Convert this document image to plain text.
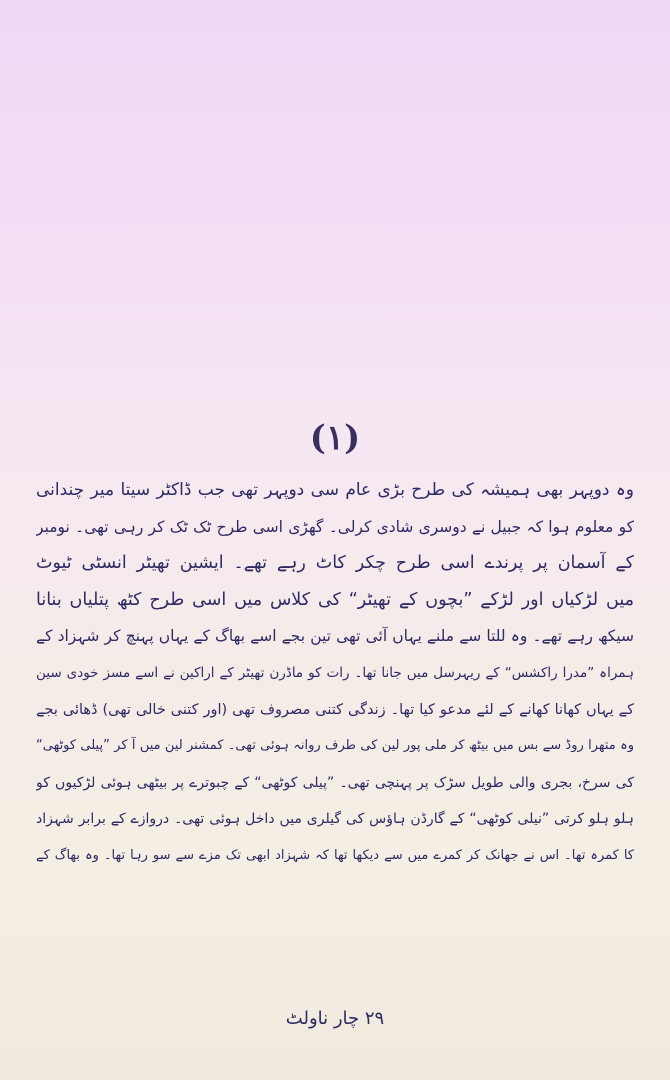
(۱)
وہ دوپہر بھی ہمیشہ کی طرح بڑی عام سی دوپہر تھی جب ڈاکٹر سیتا میر چندانی
کو معلوم ہوا کہ جبیل نے دوسری شادی کرلی۔ گھڑی اسی طرح ٹک ٹک کر رہی تھی۔ نومبر
کے آسمان پر پرندے اسی طرح چکر کاٹ رہے تھے۔ ایشین تھیٹر انسٹی ٹیوٹ
میں لڑکیاں اور لڑکے ”بچوں کے تھیٹر“ کی کلاس میں اسی طرح کٹھ پتلیاں بنانا
سیکھ رہے تھے۔ وہ للتا سے ملنے یہاں آئی تھی تین بجے اسے بھاگ کے یہاں پہنچ کر شہزاد کے
ہمراہ ”مدرا راکشس“ کے ریہرسل میں جانا تھا۔ رات کو ماڈرن تھیٹر کے اراکین نے اسے مسز خودی سین
کے یہاں کھانا کھانے کے لئے مدعو کیا تھا۔ زندگی کتنی مصروف تھی (اور کتنی خالی تھی) ڈھائی بجے
وہ متھرا روڈ سے بس میں بیٹھ کر ملی پور لین کی طرف روانہ ہوئی تھی۔ کمشنر لین میں آ کر ”پیلی کوٹھی“
کی سرخ، بجری والی طویل سڑک پر پہنچی تھی۔ ”پیلی کوٹھی“ کے چبوترے پر بیٹھی ہوئی لڑکیوں کو
ہلو ہلو کرتی ”نیلی کوٹھی“ کے گارڈن ہاؤس کی گیلری میں داخل ہوئی تھی۔ دروازے کے برابر شہزاد
کا کمرہ تھا۔ اس نے جھانک کر کمرے میں سے دیکھا تھا کہ شہزاد ابھی تک مزے سے سو رہا تھا۔ وہ بھاگ کے
۲۹ چار ناولٹ
